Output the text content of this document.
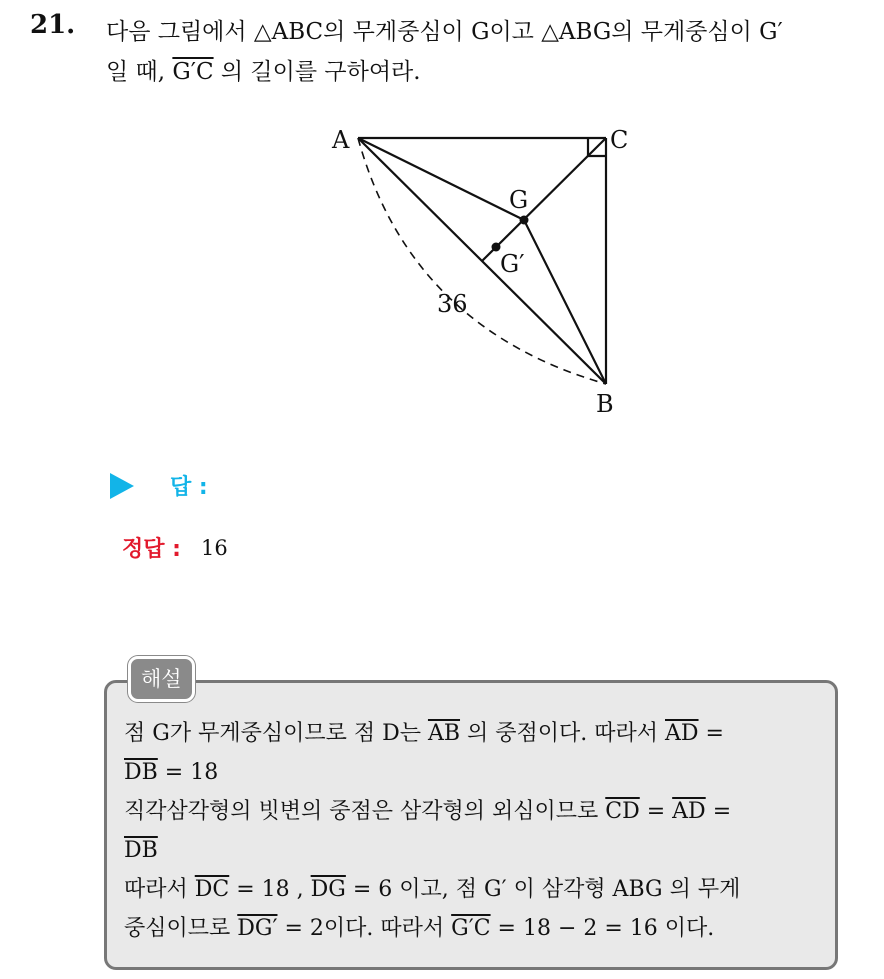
21. 다음 그림에서 △ABC의 무게중심이 G이고 △ABG의 무게중심이 G′
일 때, G′C 의 길이를 구하여라.
A	C
B
G
G′
36
답 :
정답 : 16
해설
점 G가 무게중심이므로 점 D는 $\overline{AB}$ 의 중점이다. 따라서 $\overline{AD}$ =
$\overline{DB} = 18$
직각삼각형의 빗변의 중점은 삼각형의 외심이므로 $\overline{CD} = \overline{AD}$ =
$\overline{DB}$
따라서 $\overline{DC} = 18$ , $\overline{DG} = 6$ 이고, 점 G′ 이 삼각형 ABG 의 무게
중심이므로 DG′ = 2이다. 따라서 G′C = 18 − 2 = 16 이다.
